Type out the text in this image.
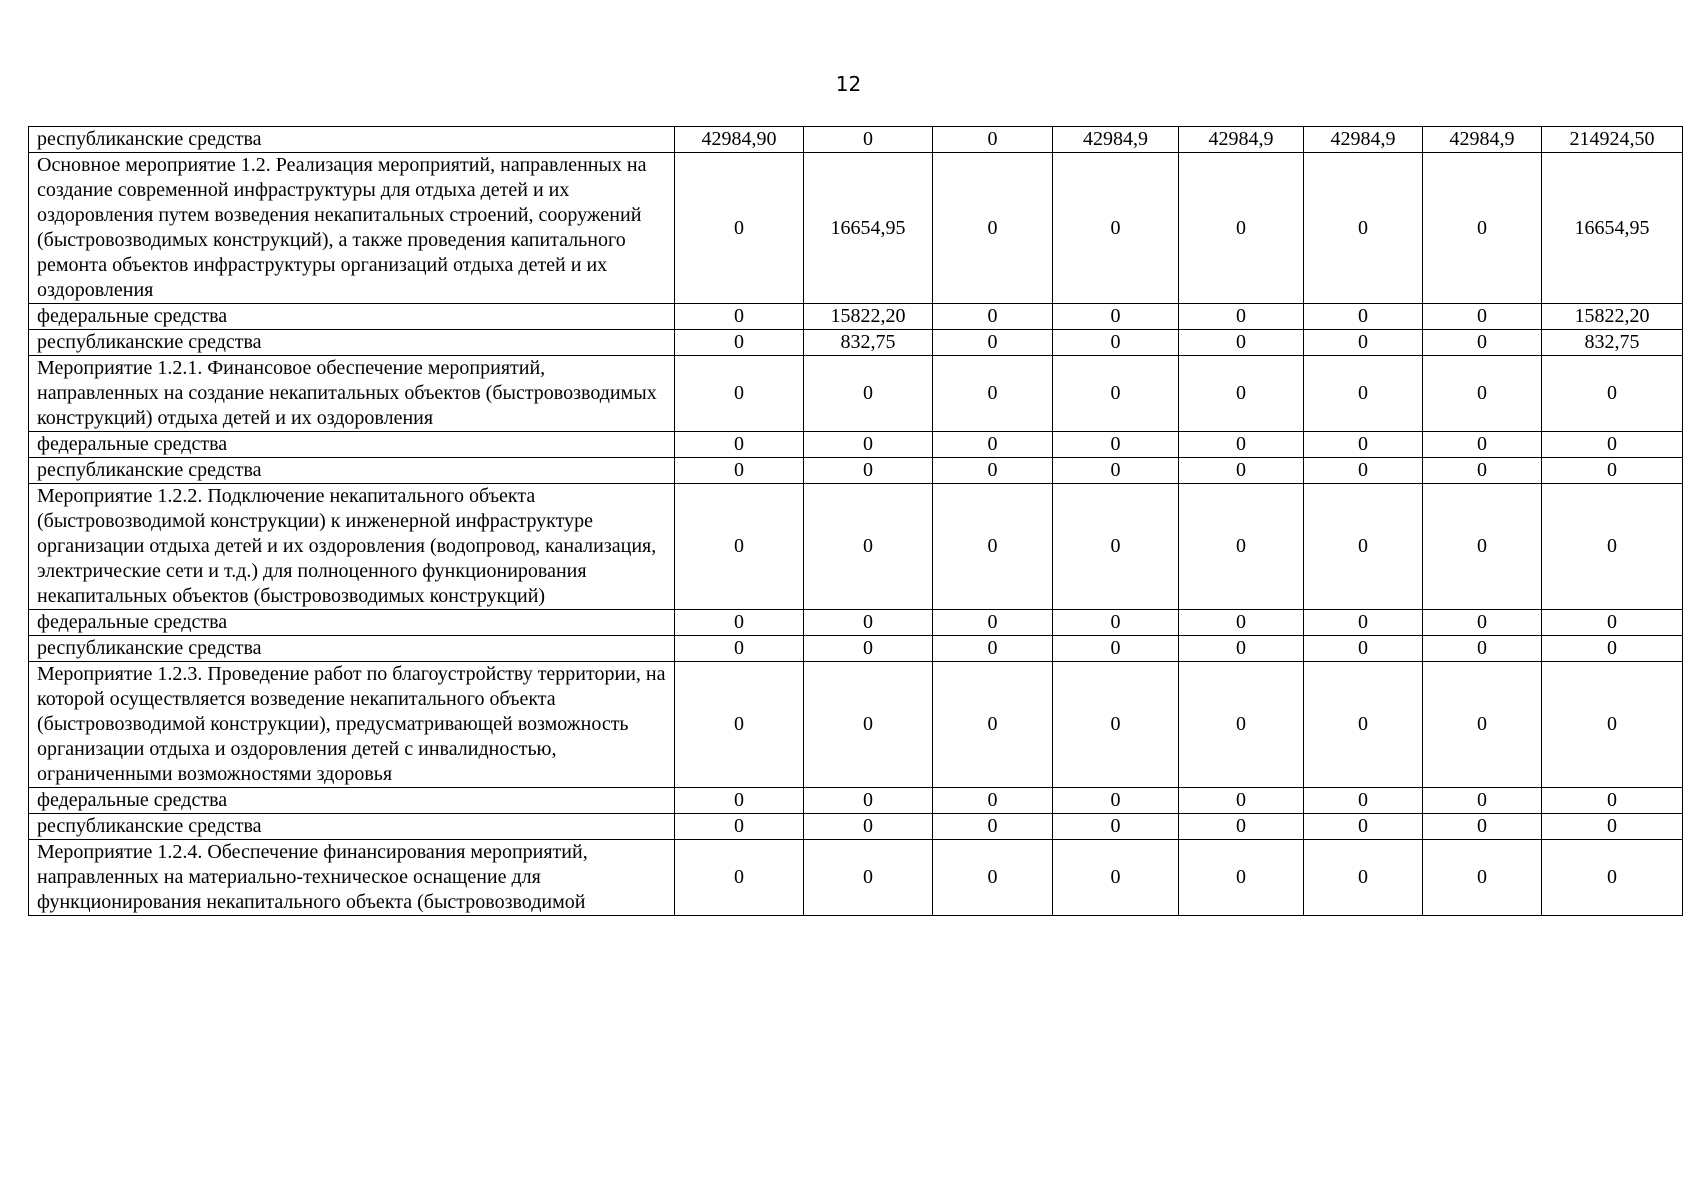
12
республиканские средства	42984,90	0	0	42984,9	42984,9	42984,9	42984,9	214924,50
Основное мероприятие 1.2. Реализация мероприятий, направленных на создание современной инфраструктуры для отдыха детей и их оздоровления путем возведения некапитальных строений, сооружений (быстровозводимых конструкций), а также проведения капитального ремонта объектов инфраструктуры организаций отдыха детей и их оздоровления	0	16654,95	0	0	0	0	0	16654,95
федеральные средства	0	15822,20	0	0	0	0	0	15822,20
республиканские средства	0	832,75	0	0	0	0	0	832,75
Мероприятие 1.2.1. Финансовое обеспечение мероприятий, направленных на создание некапитальных объектов (быстровозводимых конструкций) отдыха детей и их оздоровления	0	0	0	0	0	0	0	0
федеральные средства	0	0	0	0	0	0	0	0
республиканские средства	0	0	0	0	0	0	0	0
Мероприятие 1.2.2. Подключение некапитального объекта (быстровозводимой конструкции) к инженерной инфраструктуре организации отдыха детей и их оздоровления (водопровод, канализация, электрические сети и т.д.) для полноценного функционирования некапитальных объектов (быстровозводимых конструкций)	0	0	0	0	0	0	0	0
федеральные средства	0	0	0	0	0	0	0	0
республиканские средства	0	0	0	0	0	0	0	0
Мероприятие 1.2.3. Проведение работ по благоустройству территории, на которой осуществляется возведение некапитального объекта (быстровозводимой конструкции), предусматривающей возможность организации отдыха и оздоровления детей с инвалидностью, ограниченными возможностями здоровья	0	0	0	0	0	0	0	0
федеральные средства	0	0	0	0	0	0	0	0
республиканские средства	0	0	0	0	0	0	0	0
Мероприятие 1.2.4. Обеспечение финансирования мероприятий, направленных на материально-техническое оснащение для функционирования некапитального объекта (быстровозводимой	0	0	0	0	0	0	0	0
